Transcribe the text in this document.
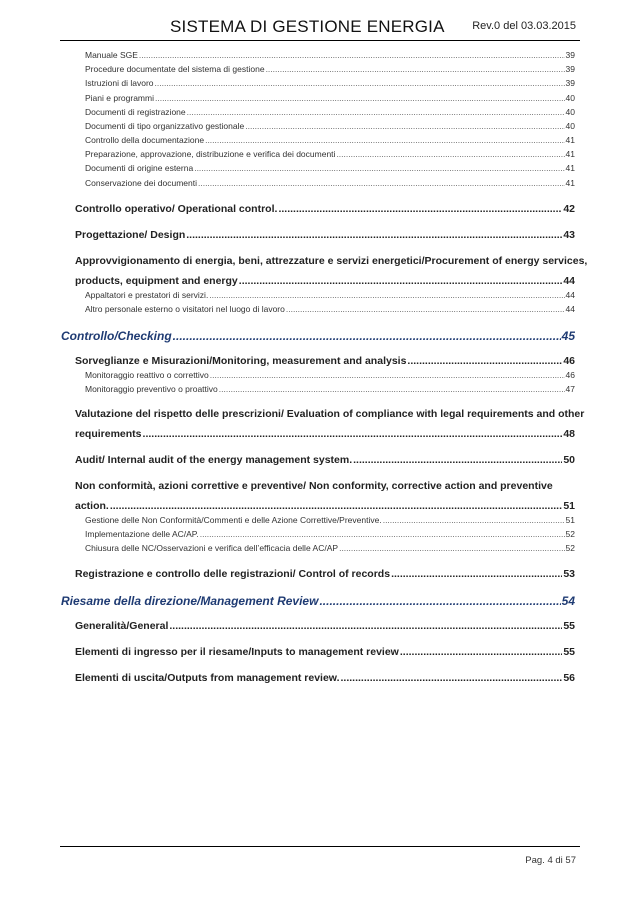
SISTEMA DI GESTIONE ENERGIA	Rev.0 del 03.03.2015
Manuale SGE .....	39
Procedure documentate del sistema di gestione .....	39
Istruzioni di lavoro .....	39
Piani e programmi .....	40
Documenti di registrazione .....	40
Documenti di tipo organizzativo gestionale .....	40
Controllo della documentazione .....	41
Preparazione, approvazione, distribuzione e verifica dei documenti .....	41
Documenti di origine esterna .....	41
Conservazione dei documenti .....	41
Controllo operativo/ Operational control. .....	42
Progettazione/ Design .....	43
Approvvigionamento di energia, beni, attrezzature e servizi energetici/Procurement of energy services,
products, equipment and energy .....	44
Appaltatori e prestatori di servizi. .....	44
Altro personale esterno o visitatori nel luogo di lavoro .....	44
Controllo/Checking .....	45
Sorveglianze e Misurazioni/Monitoring, measurement and analysis .....	46
Monitoraggio reattivo o correttivo .....	46
Monitoraggio preventivo o proattivo .....	47
Valutazione del rispetto delle prescrizioni/ Evaluation of compliance with legal requirements and other
requirements .....	48
Audit/ Internal audit of the energy management system. .....	50
Non conformità, azioni correttive e preventive/ Non conformity, corrective action and preventive
action. .....	51
Gestione delle Non Conformità/Commenti e delle Azione Correttive/Preventive. .....	51
Implementazione delle AC/AP. .....	52
Chiusura delle NC/Osservazioni e verifica dell’efficacia delle AC/AP .....	52
Registrazione e controllo delle registrazioni/ Control of records .....	53
Riesame della direzione/Management Review .....	54
Generalità/General .....	55
Elementi di ingresso per il riesame/Inputs to management review .....	55
Elementi di uscita/Outputs from management review. .....	56
Pag. 4 di 57
